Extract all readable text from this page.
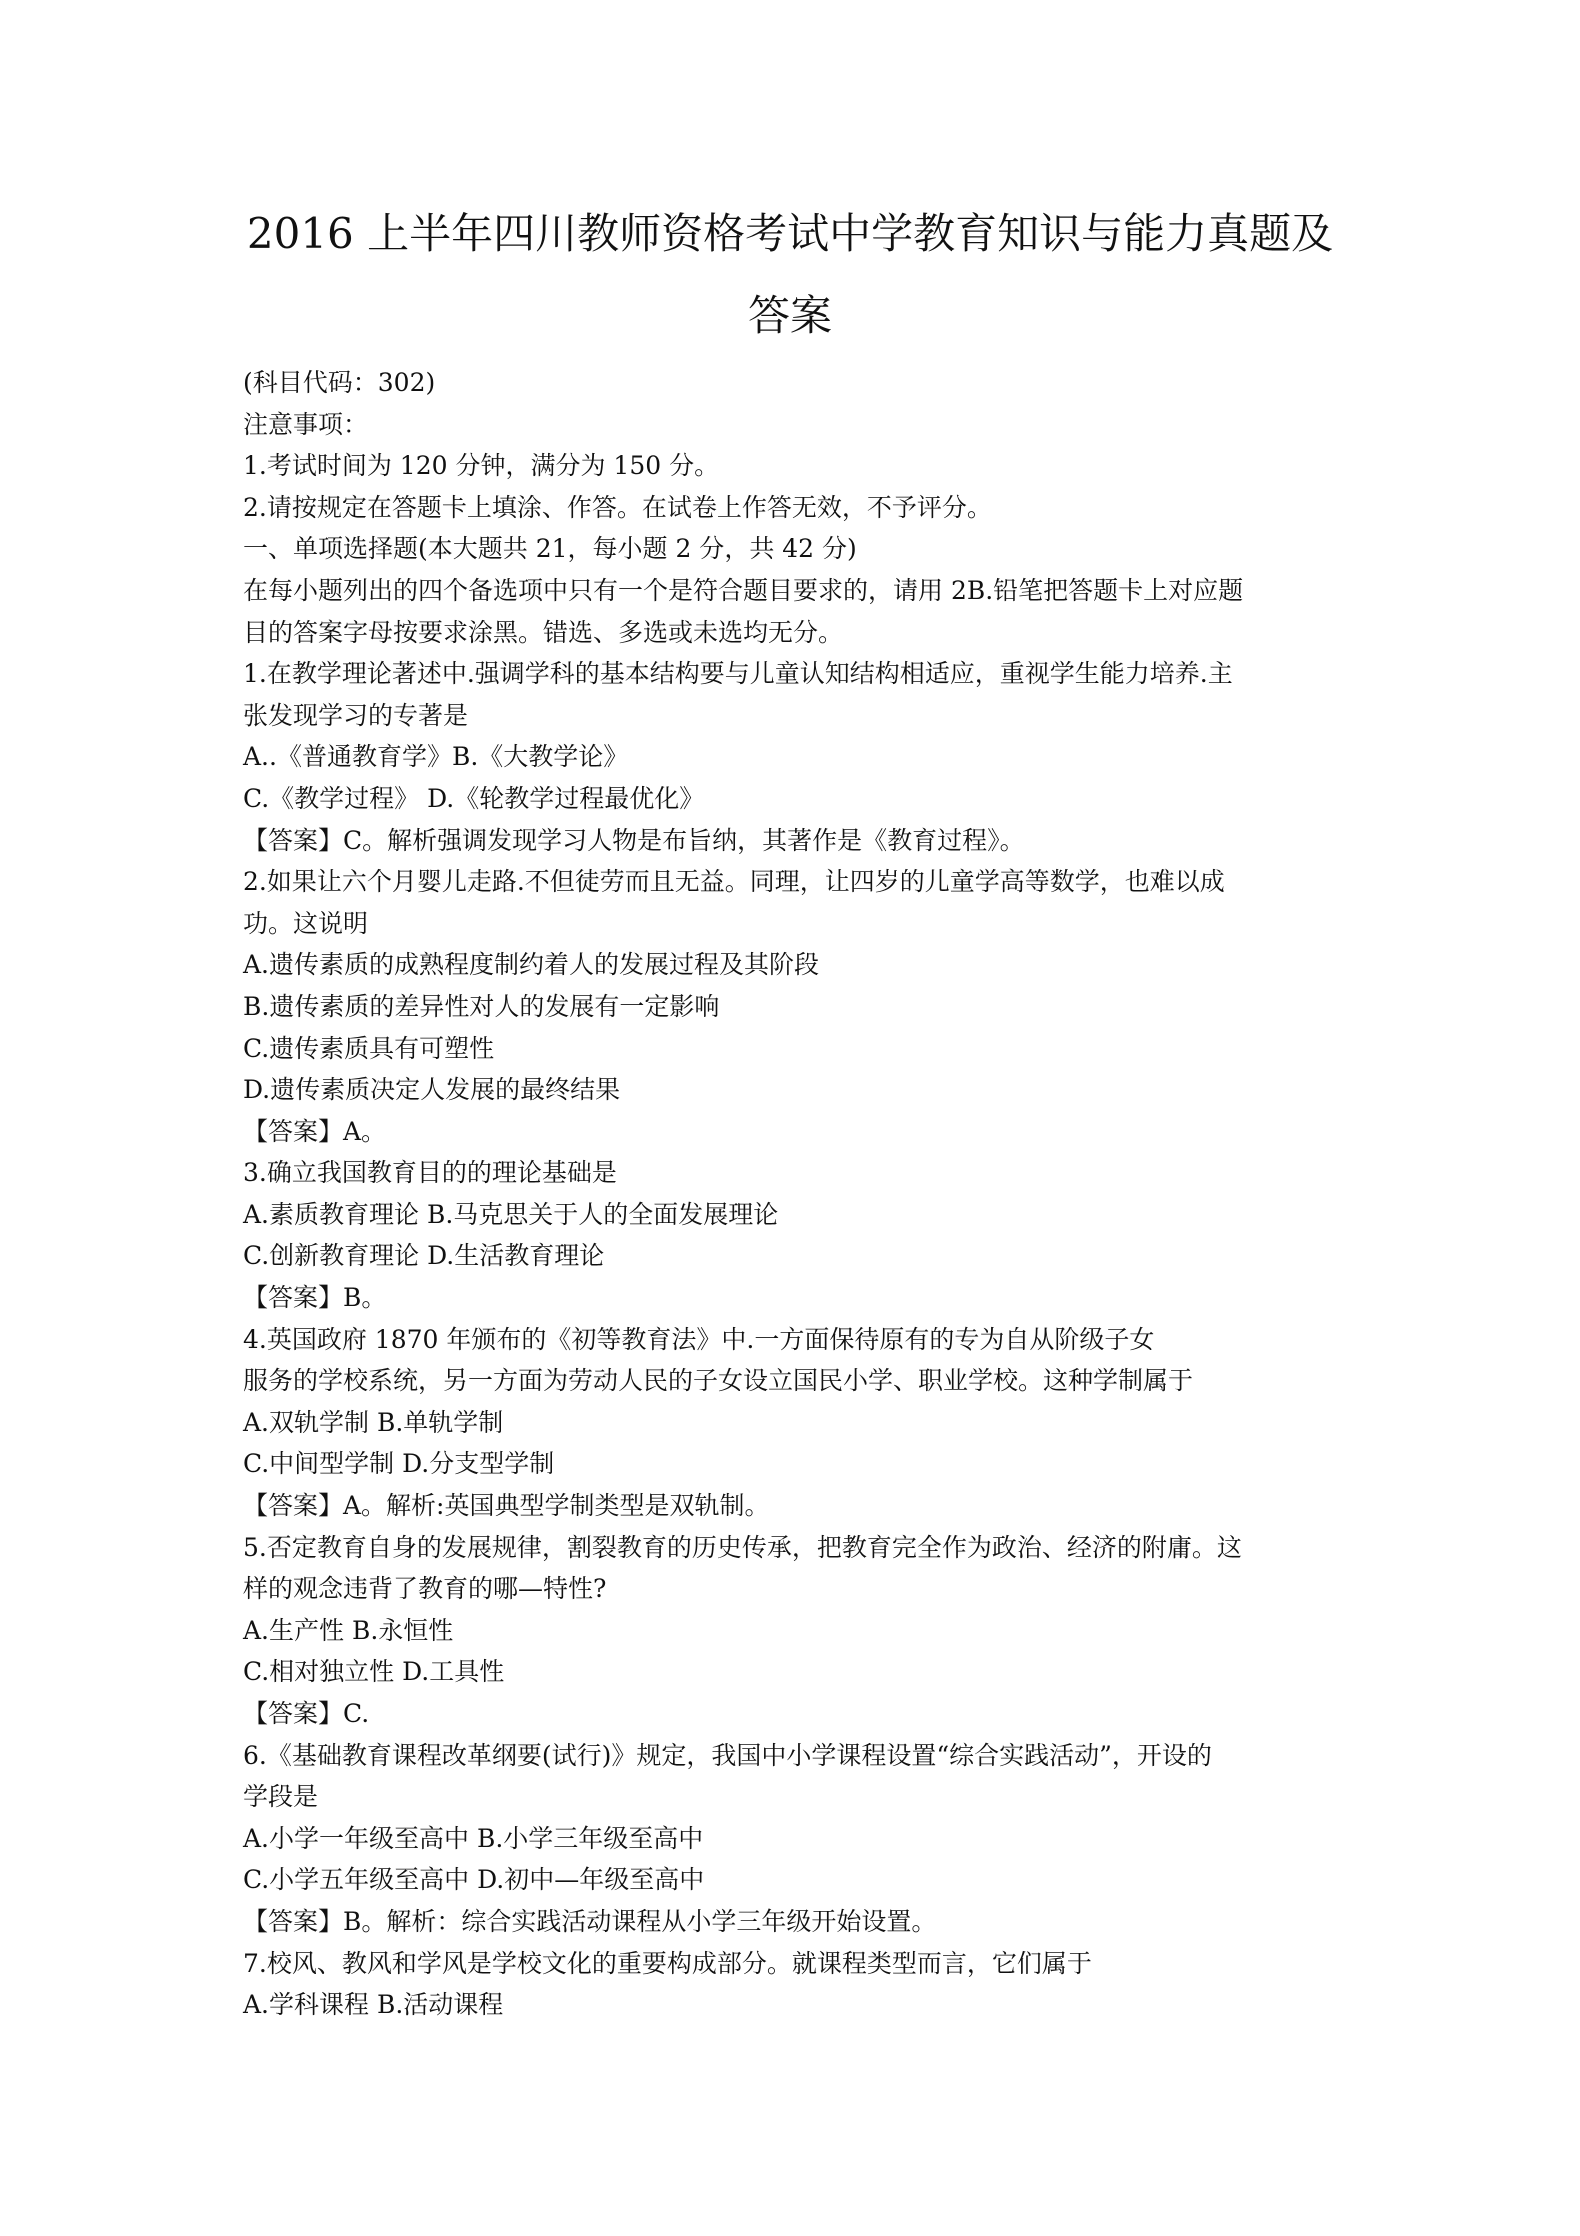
2016 上半年四川教师资格考试中学教育知识与能力真题及
答案
(科目代码：302)
注意事项：
1.考试时间为 120 分钟，满分为 150 分。
2.请按规定在答题卡上填涂、作答。在试卷上作答无效，不予评分。
一、单项选择题(本大题共 21，每小题 2 分，共 42 分)
在每小题列出的四个备选项中只有一个是符合题目要求的，请用 2B.铅笔把答题卡上对应题
目的答案字母按要求涂黑。错选、多选或未选均无分。
1.在教学理论著述中.强调学科的基本结构要与儿童认知结构相适应，重视学生能力培养.主
张发现学习的专著是
A..《普通教育学》B.《大教学论》
C.《教学过程》 D.《轮教学过程最优化》
【答案】C。解析强调发现学习人物是布旨纳，其著作是《教育过程》。
2.如果让六个月婴儿走路.不但徒劳而且无益。同理，让四岁的儿童学高等数学，也难以成
功。这说明
A.遗传素质的成熟程度制约着人的发展过程及其阶段
B.遗传素质的差异性对人的发展有一定影响
C.遗传素质具有可塑性
D.遗传素质决定人发展的最终结果
【答案】A。
3.确立我国教育目的的理论基础是
A.素质教育理论 B.马克思关于人的全面发展理论
C.创新教育理论 D.生活教育理论
【答案】B。
4.英国政府 1870 年颁布的《初等教育法》中.一方面保待原有的专为自从阶级子女
服务的学校系统，另一方面为劳动人民的子女设立国民小学、职业学校。这种学制属于
A.双轨学制 B.单轨学制
C.中间型学制 D.分支型学制
【答案】A。解析:英国典型学制类型是双轨制。
5.否定教育自身的发展规律，割裂教育的历史传承，把教育完全作为政治、经济的附庸。这
样的观念违背了教育的哪—特性?
A.生产性 B.永恒性
C.相对独立性 D.工具性
【答案】C.
6.《基础教育课程改革纲要(试行)》规定，我国中小学课程设置“综合实践活动”，开设的
学段是
A.小学一年级至高中 B.小学三年级至高中
C.小学五年级至高中 D.初中—年级至高中
【答案】B。解析：综合实践活动课程从小学三年级开始设置。
7.校风、教风和学风是学校文化的重要构成部分。就课程类型而言，它们属于
A.学科课程 B.活动课程
